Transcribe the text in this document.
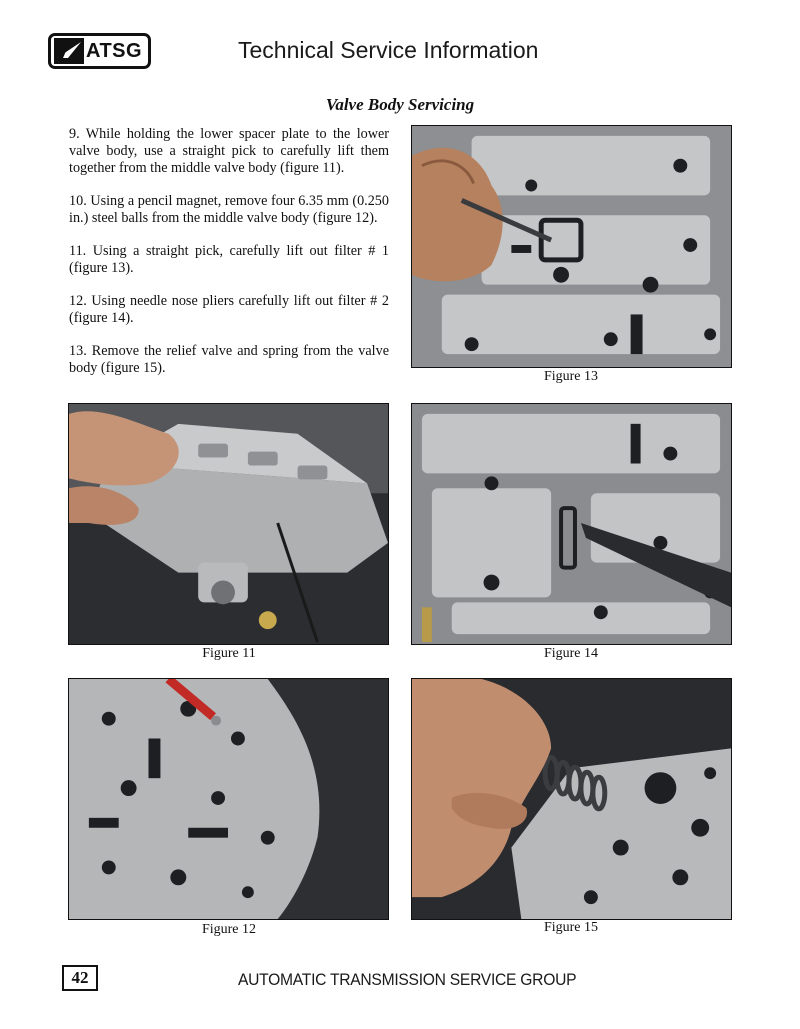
ATSG	Technical Service Information
Valve Body Servicing

9. While holding the lower spacer plate to the lower valve body, use a straight pick to carefully lift them together from the middle valve body (figure 11).

10. Using a pencil magnet, remove four 6.35 mm (0.250 in.) steel balls from the middle valve body (figure 12).

11. Using a straight pick, carefully lift out filter # 1 (figure 13).

12. Using needle nose pliers carefully lift out filter # 2 (figure 14).

13. Remove the relief valve and spring from the valve body (figure 15).

Figure 13
Figure 11	Figure 14
Figure 12	Figure 15
42	AUTOMATIC TRANSMISSION SERVICE GROUP
